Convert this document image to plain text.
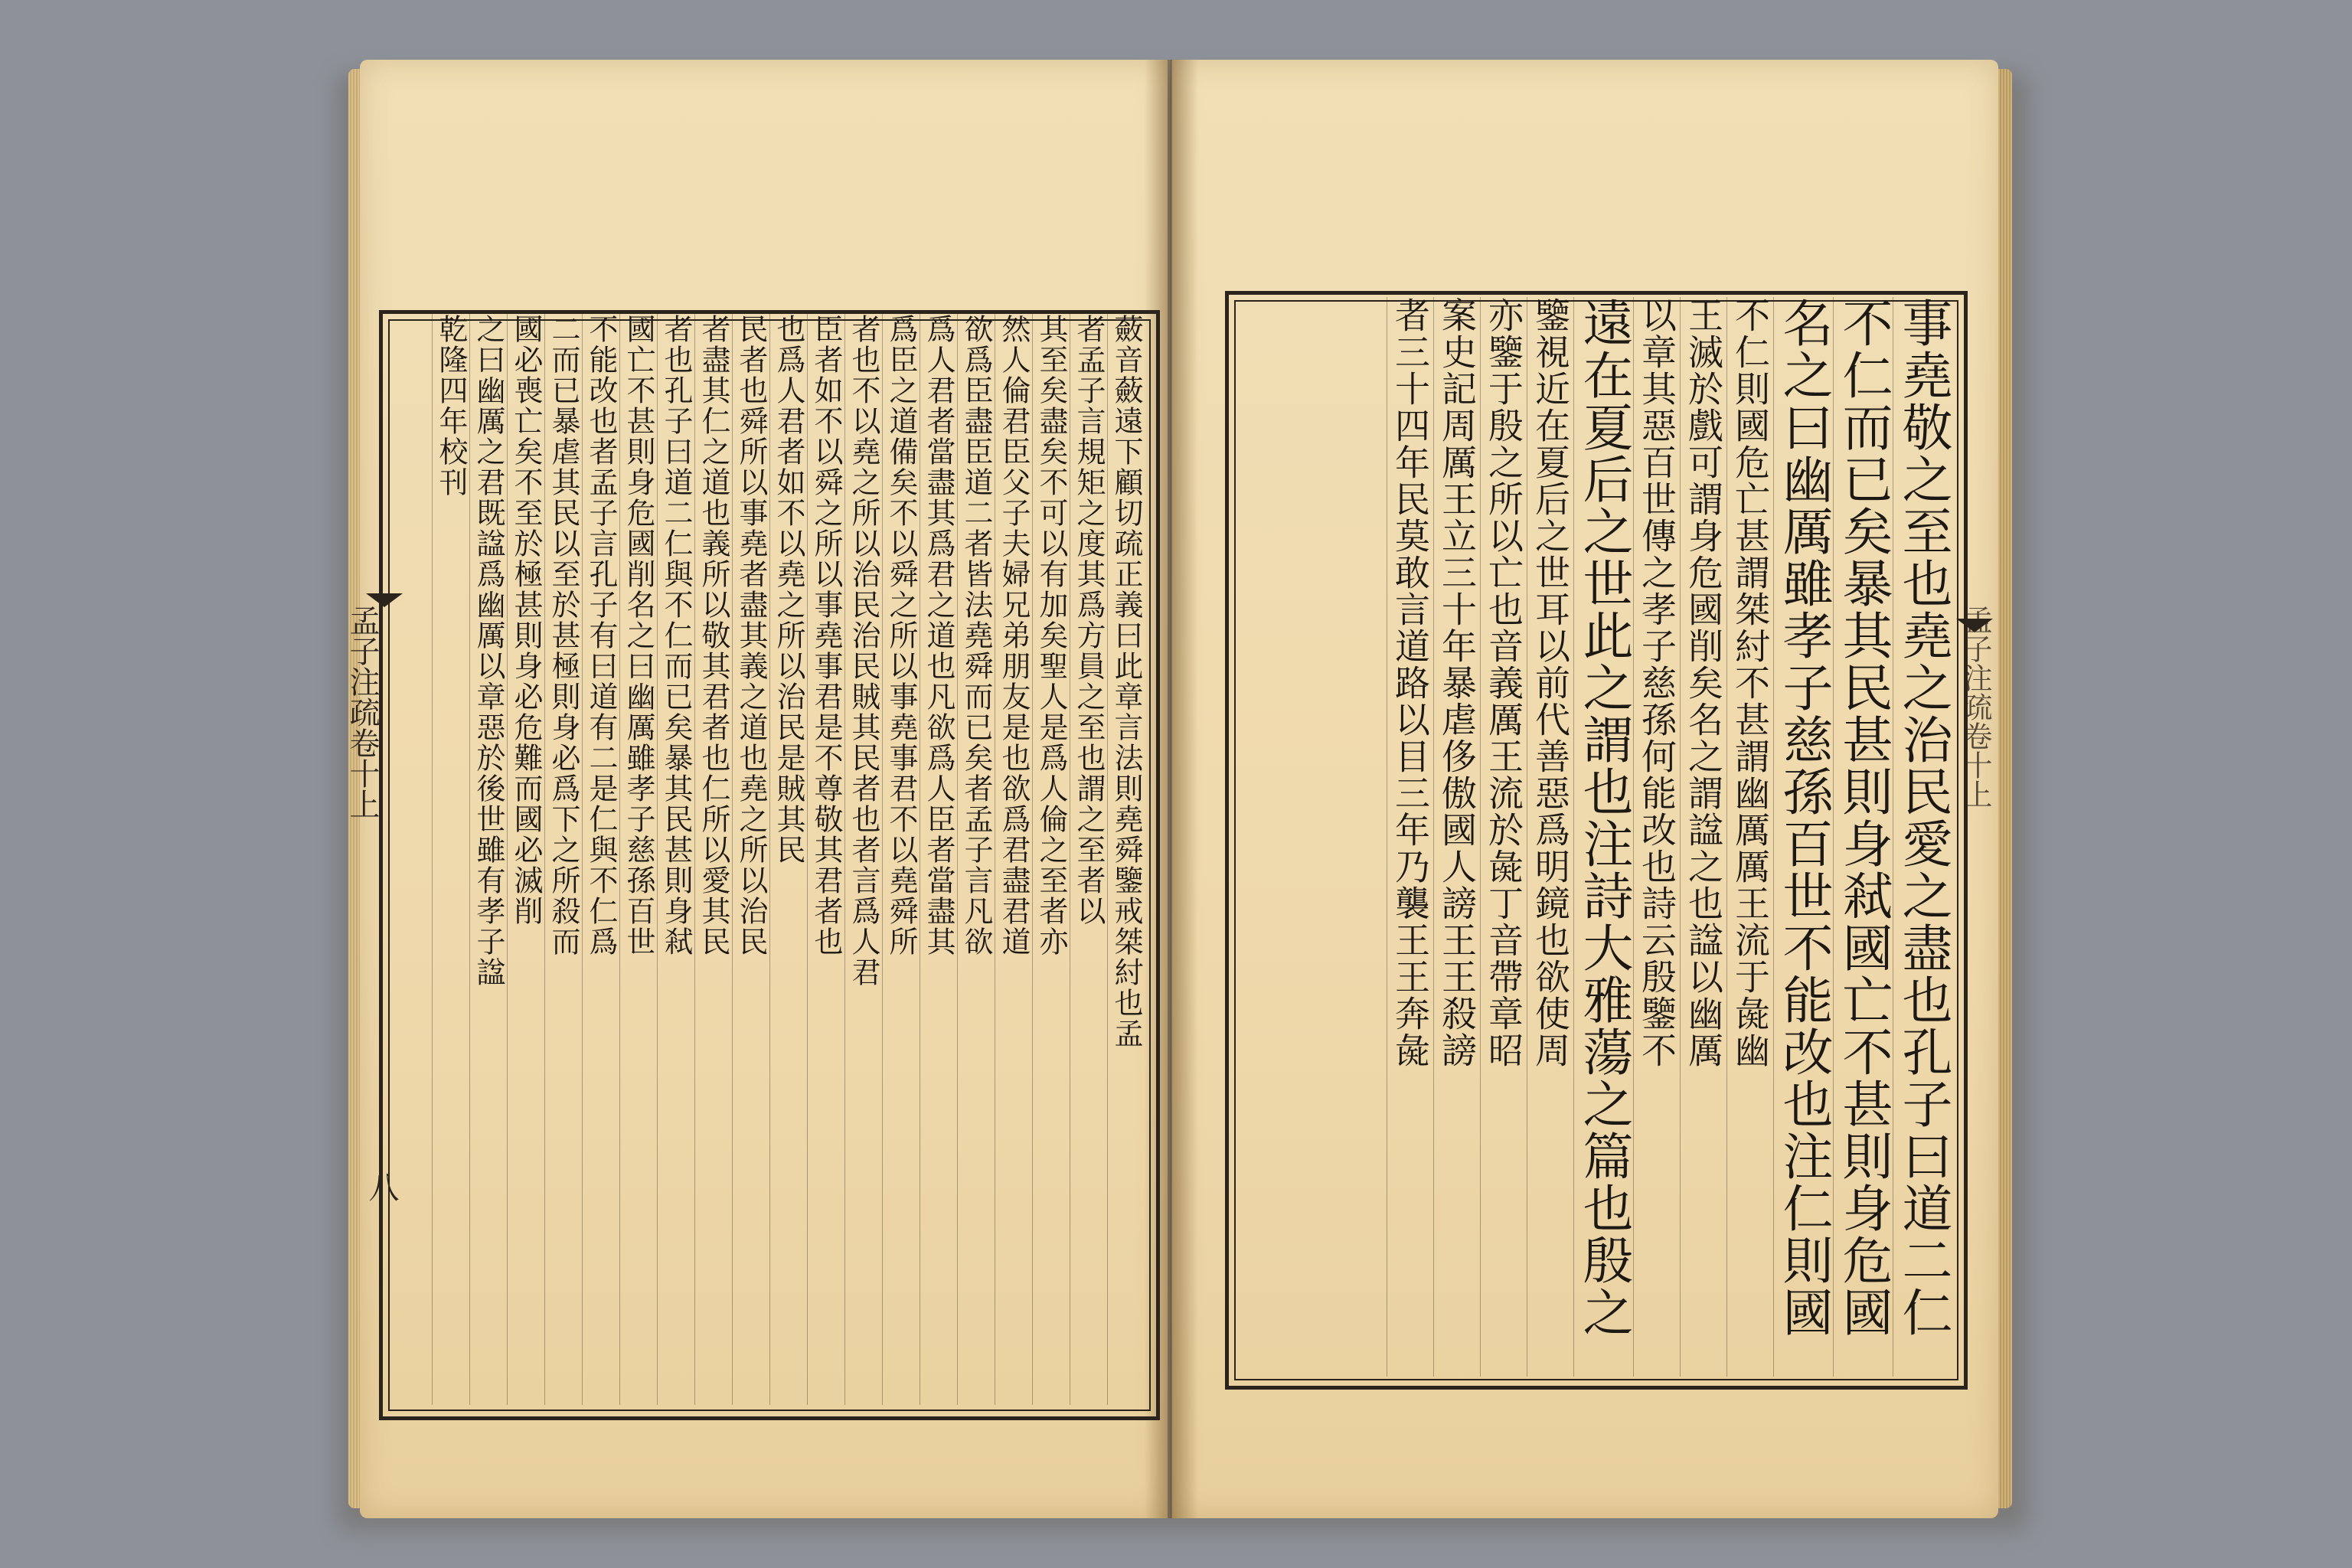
孟子注疏卷十上
八
孟子注疏卷十上
蘞音蘞遠下顧切疏正義曰此章言法則堯舜鑒戒桀紂也孟
者孟子言規矩之度其爲方員之至也謂之至者以
其至矣盡矣不可以有加矣聖人是爲人倫之至者亦
然人倫君臣父子夫婦兄弟朋友是也欲爲君盡君道
欲爲臣盡臣道二者皆法堯舜而已矣者孟子言凡欲
爲人君者當盡其爲君之道也凡欲爲人臣者當盡其
爲臣之道備矣不以舜之所以事堯事君不以堯舜所
者也不以堯之所以治民治民賊其民者也者言爲人君
臣者如不以舜之所以事堯事君是不尊敬其君者也
也爲人君者如不以堯之所以治民是賊其民
民者也舜所以事堯者盡其義之道也堯之所以治民
者盡其仁之道也義所以敬其君者也仁所以愛其民
者也孔子曰道二仁與不仁而已矣暴其民甚則身弒
國亡不甚則身危國削名之曰幽厲雖孝子慈孫百世
不能改也者孟子言孔子有曰道有二是仁與不仁爲
二而已暴虐其民以至於甚極則身必爲下之所殺而
國必喪亡矣不至於極甚則身必危難而國必滅削
之曰幽厲之君既諡爲幽厲以章惡於後世雖有孝子諡
乾隆四年校刊	事堯敬之至也堯之治民愛之盡也孔子曰道二仁
不仁而已矣暴其民甚則身弒國亡不甚則身危國
名之曰幽厲雖孝子慈孫百世不能改也注仁則國
不仁則國危亡甚謂桀紂不甚謂幽厲厲王流于彘幽
王滅於戲可謂身危國削矣名之謂諡之也諡以幽厲
以章其惡百世傳之孝子慈孫何能改也詩云殷鑒不
遠在夏后之世此之謂也注詩大雅蕩之篇也殷之
鑒視近在夏后之世耳以前代善惡爲明鏡也欲使周
亦鑒于殷之所以亡也音義厲王流於彘丁音帶章昭
案史記周厲王立三十年暴虐侈傲國人謗王王殺謗
者三十四年民莫敢言道路以目三年乃襲王王奔彘
